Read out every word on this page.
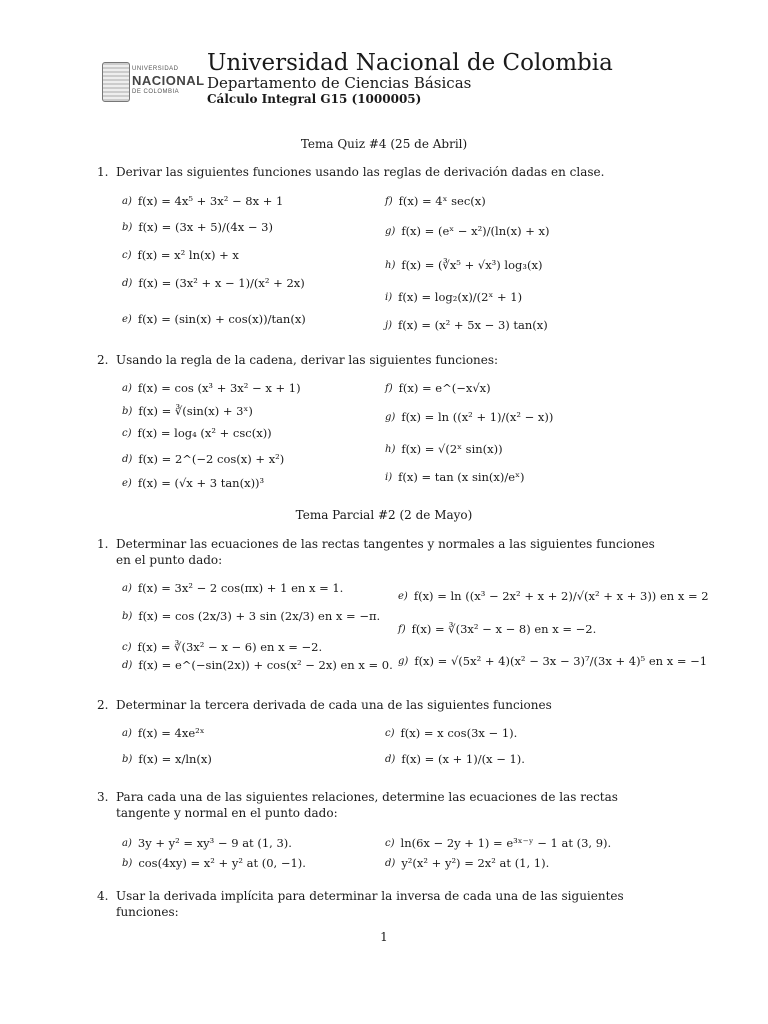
UNIVERSIDAD
NACIONAL
DE COLOMBIA
Universidad Nacional de Colombia
Departamento de Ciencias Básicas
Cálculo Integral G15 (1000005)
Tema Quiz #4 (25 de Abril)
1. Derivar las siguientes funciones usando las reglas de derivación dadas en clase.
a) f(x) = 4x⁵ + 3x² − 8x + 1
b) f(x) = (3x + 5)/(4x − 3)
c) f(x) = x² ln(x) + x
d) f(x) = (3x² + x − 1)/(x² + 2x)
e) f(x) = (sin(x) + cos(x))/tan(x)
f) f(x) = 4ˣ sec(x)
g) f(x) = (eˣ − x²)/(ln(x) + x)
h) f(x) = (∛x⁵ + √x³) log₃(x)
i) f(x) = log₂(x)/(2ˣ + 1)
j) f(x) = (x² + 5x − 3) tan(x)
2. Usando la regla de la cadena, derivar las siguientes funciones:
a) f(x) = cos (x³ + 3x² − x + 1)
b) f(x) = ∛(sin(x) + 3ˣ)
c) f(x) = log₄ (x² + csc(x))
d) f(x) = 2^(−2 cos(x) + x²)
e) f(x) = (√x + 3 tan(x))³
f) f(x) = e^(−x√x)
g) f(x) = ln ((x² + 1)/(x² − x))
h) f(x) = √(2ˣ sin(x))
i) f(x) = tan (x sin(x)/eˣ)
Tema Parcial #2 (2 de Mayo)
1. Determinar las ecuaciones de las rectas tangentes y normales a las siguientes funciones en el punto dado:
a) f(x) = 3x² − 2 cos(πx) + 1 en x = 1.
b) f(x) = cos (2x/3) + 3 sin (2x/3) en x = −π.
c) f(x) = ∛(3x² − x − 6) en x = −2.
d) f(x) = e^(−sin(2x)) + cos(x² − 2x) en x = 0.
e) f(x) = ln ((x³ − 2x² + x + 2)/√(x² + x + 3)) en x = 2
f) f(x) = ∛(3x² − x − 8) en x = −2.
g) f(x) = √(5x² + 4)(x² − 3x − 3)⁷/(3x + 4)⁵ en x = −1
2. Determinar la tercera derivada de cada una de las siguientes funciones
a) f(x) = 4xe²ˣ
b) f(x) = x/ln(x)
c) f(x) = x cos(3x − 1).
d) f(x) = (x + 1)/(x − 1).
3. Para cada una de las siguientes relaciones, determine las ecuaciones de las rectas tangente y normal en el punto dado:
a) 3y + y² = xy³ − 9 at (1, 3).
b) cos(4xy) = x² + y² at (0, −1).
c) ln(6x − 2y + 1) = e³ˣ⁻ʸ − 1 at (3, 9).
d) y²(x² + y²) = 2x² at (1, 1).
4. Usar la derivada implícita para determinar la inversa de cada una de las siguientes funciones:
1
